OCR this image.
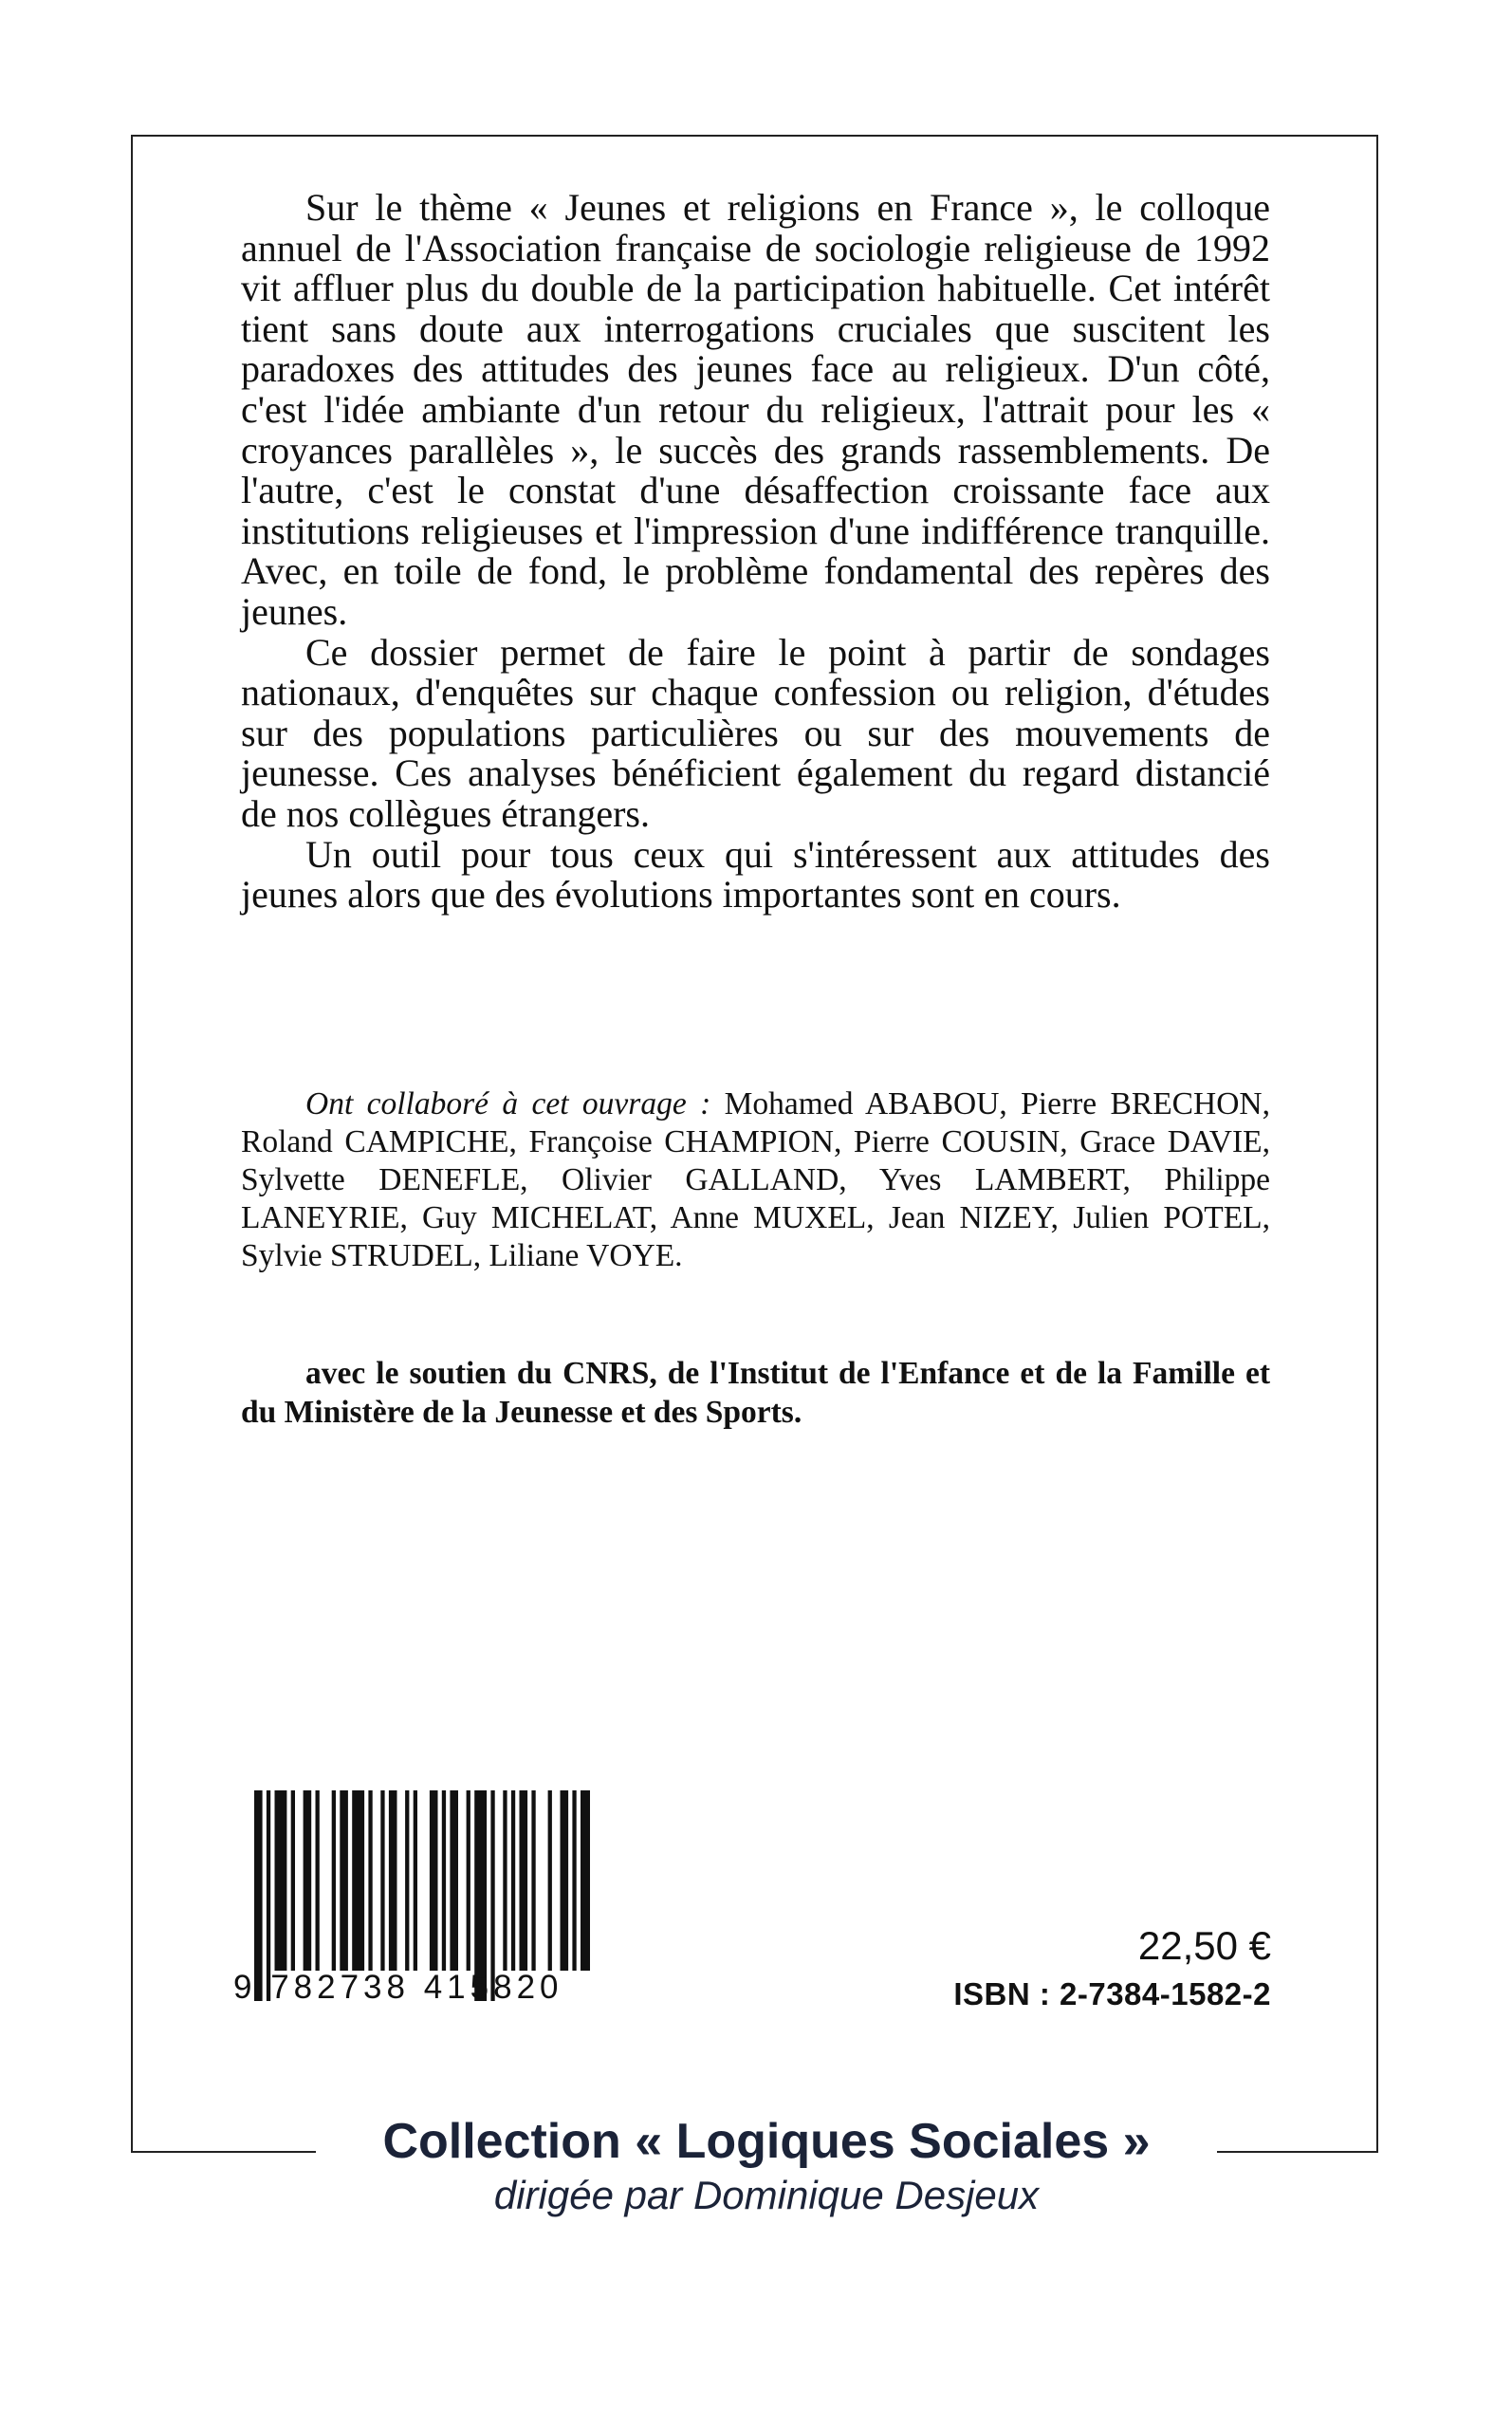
Sur le thème « Jeunes et religions en France », le colloque annuel de l'Association française de sociologie religieuse de 1992 vit affluer plus du double de la participation habituelle. Cet intérêt tient sans doute aux interrogations cruciales que suscitent les paradoxes des attitudes des jeunes face au religieux. D'un côté, c'est l'idée ambiante d'un retour du religieux, l'attrait pour les « croyances parallèles », le succès des grands rassemblements. De l'autre, c'est le constat d'une désaffection croissante face aux institutions religieuses et l'impression d'une indifférence tranquille. Avec, en toile de fond, le problème fondamental des repères des jeunes.

Ce dossier permet de faire le point à partir de sondages nationaux, d'enquêtes sur chaque confession ou religion, d'études sur des populations particulières ou sur des mouvements de jeunesse. Ces analyses bénéficient également du regard distancié de nos collègues étrangers.

Un outil pour tous ceux qui s'intéressent aux attitudes des jeunes alors que des évolutions importantes sont en cours.

Ont collaboré à cet ouvrage : Mohamed ABABOU, Pierre BRECHON, Roland CAMPICHE, Françoise CHAMPION, Pierre COUSIN, Grace DAVIE, Sylvette DENEFLE, Olivier GALLAND, Yves LAMBERT, Philippe LANEYRIE, Guy MICHELAT, Anne MUXEL, Jean NIZEY, Julien POTEL, Sylvie STRUDEL, Liliane VOYE.

avec le soutien du CNRS, de l'Institut de l'Enfance et de la Famille et du Ministère de la Jeunesse et des Sports.

9 782738 415820
22,50 €
ISBN : 2-7384-1582-2
Collection « Logiques Sociales »
dirigée par Dominique Desjeux
